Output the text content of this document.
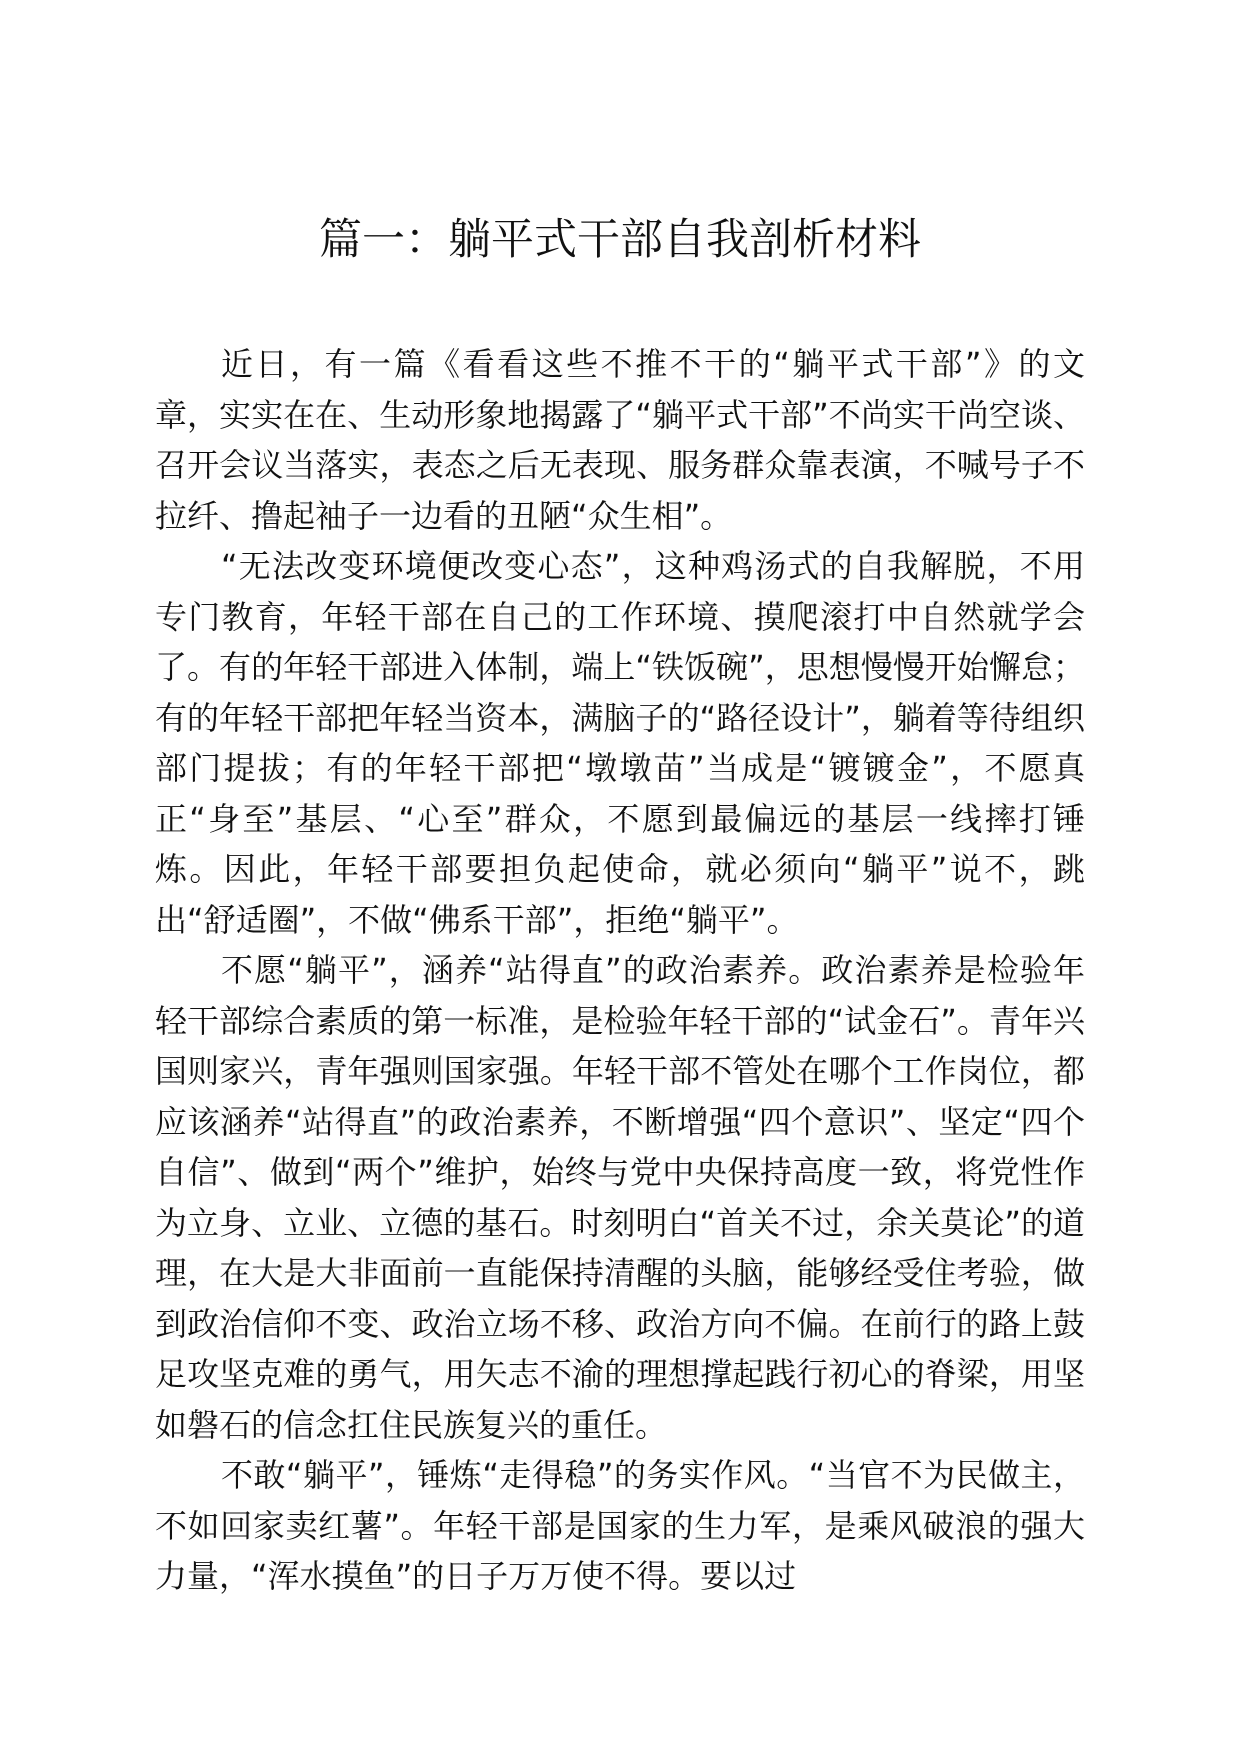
篇一：躺平式干部自我剖析材料

近日，有一篇《看看这些不推不干的“躺平式干部”》的文章，实实在在、生动形象地揭露了“躺平式干部”不尚实干尚空谈、召开会议当落实，表态之后无表现、服务群众靠表演，不喊号子不拉纤、撸起袖子一边看的丑陋“众生相”。

“无法改变环境便改变心态”，这种鸡汤式的自我解脱，不用专门教育，年轻干部在自己的工作环境、摸爬滚打中自然就学会了。有的年轻干部进入体制，端上“铁饭碗”，思想慢慢开始懈怠；有的年轻干部把年轻当资本，满脑子的“路径设计”，躺着等待组织部门提拔；有的年轻干部把“墩墩苗”当成是“镀镀金”，不愿真正“身至”基层、“心至”群众，不愿到最偏远的基层一线摔打锤炼。因此，年轻干部要担负起使命，就必须向“躺平”说不，跳出“舒适圈”，不做“佛系干部”，拒绝“躺平”。

不愿“躺平”，涵养“站得直”的政治素养。政治素养是检验年轻干部综合素质的第一标准，是检验年轻干部的“试金石”。青年兴国则家兴，青年强则国家强。年轻干部不管处在哪个工作岗位，都应该涵养“站得直”的政治素养，不断增强“四个意识”、坚定“四个自信”、做到“两个”维护，始终与党中央保持高度一致，将党性作为立身、立业、立德的基石。时刻明白“首关不过，余关莫论”的道理，在大是大非面前一直能保持清醒的头脑，能够经受住考验，做到政治信仰不变、政治立场不移、政治方向不偏。在前行的路上鼓足攻坚克难的勇气，用矢志不渝的理想撑起践行初心的脊梁，用坚如磐石的信念扛住民族复兴的重任。

不敢“躺平”，锤炼“走得稳”的务实作风。“当官不为民做主，不如回家卖红薯”。年轻干部是国家的生力军，是乘风破浪的强大力量，“浑水摸鱼”的日子万万使不得。要以过
